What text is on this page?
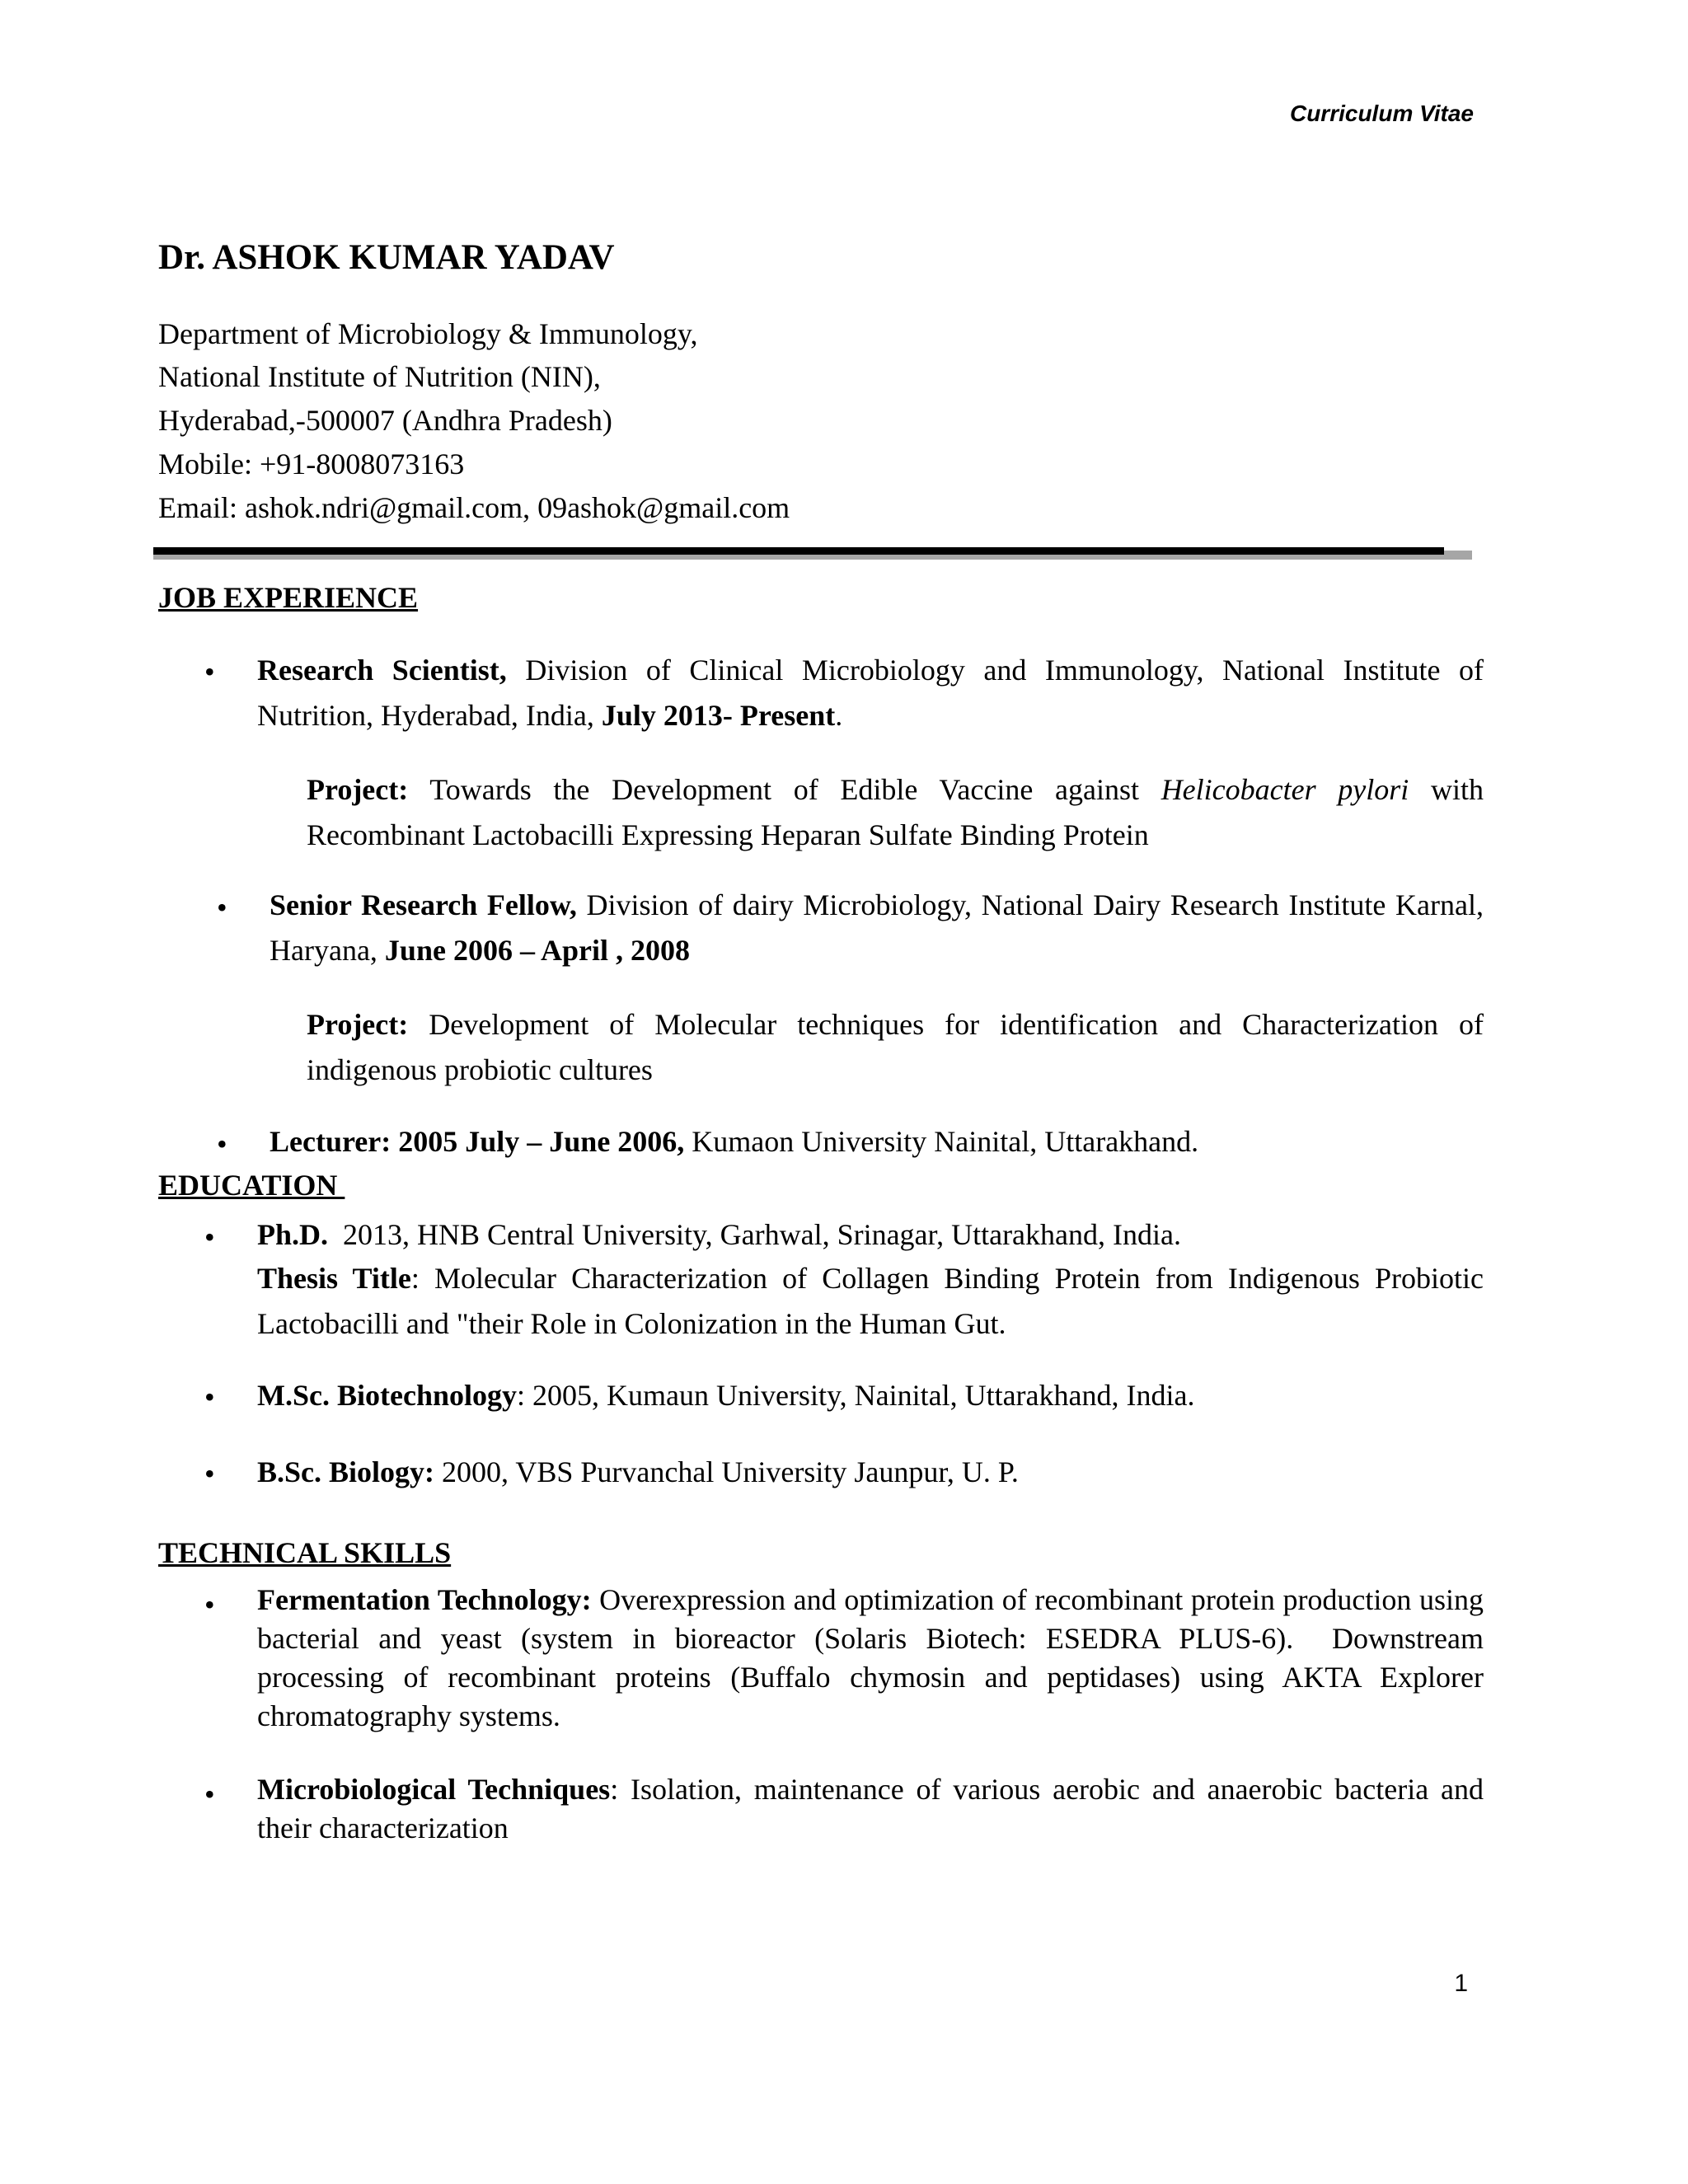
Curriculum Vitae
Dr. ASHOK KUMAR YADAV
Department of Microbiology & Immunology,
National Institute of Nutrition (NIN),
Hyderabad,-500007 (Andhra Pradesh)
Mobile: +91-8008073163
Email: ashok.ndri@gmail.com, 09ashok@gmail.com
JOB EXPERIENCE
• Research Scientist, Division of Clinical Microbiology and Immunology, National Institute of Nutrition, Hyderabad, India, July 2013- Present.
Project: Towards the Development of Edible Vaccine against Helicobacter pylori with Recombinant Lactobacilli Expressing Heparan Sulfate Binding Protein
• Senior Research Fellow, Division of dairy Microbiology, National Dairy Research Institute Karnal, Haryana, June 2006 – April , 2008
Project: Development of Molecular techniques for identification and Characterization of indigenous probiotic cultures
• Lecturer: 2005 July – June 2006, Kumaon University Nainital, Uttarakhand.
EDUCATION
• Ph.D.  2013, HNB Central University, Garhwal, Srinagar, Uttarakhand, India.
Thesis Title: Molecular Characterization of Collagen Binding Protein from Indigenous Probiotic Lactobacilli and "their Role in Colonization in the Human Gut.
• M.Sc. Biotechnology: 2005, Kumaun University, Nainital, Uttarakhand, India.
• B.Sc. Biology: 2000, VBS Purvanchal University Jaunpur, U. P.
TECHNICAL SKILLS
• Fermentation Technology: Overexpression and optimization of recombinant protein production using bacterial and yeast (system in bioreactor (Solaris Biotech: ESEDRA PLUS-6).  Downstream processing of recombinant proteins (Buffalo chymosin and peptidases) using AKTA Explorer chromatography systems.
• Microbiological Techniques: Isolation, maintenance of various aerobic and anaerobic bacteria and their characterization
1
